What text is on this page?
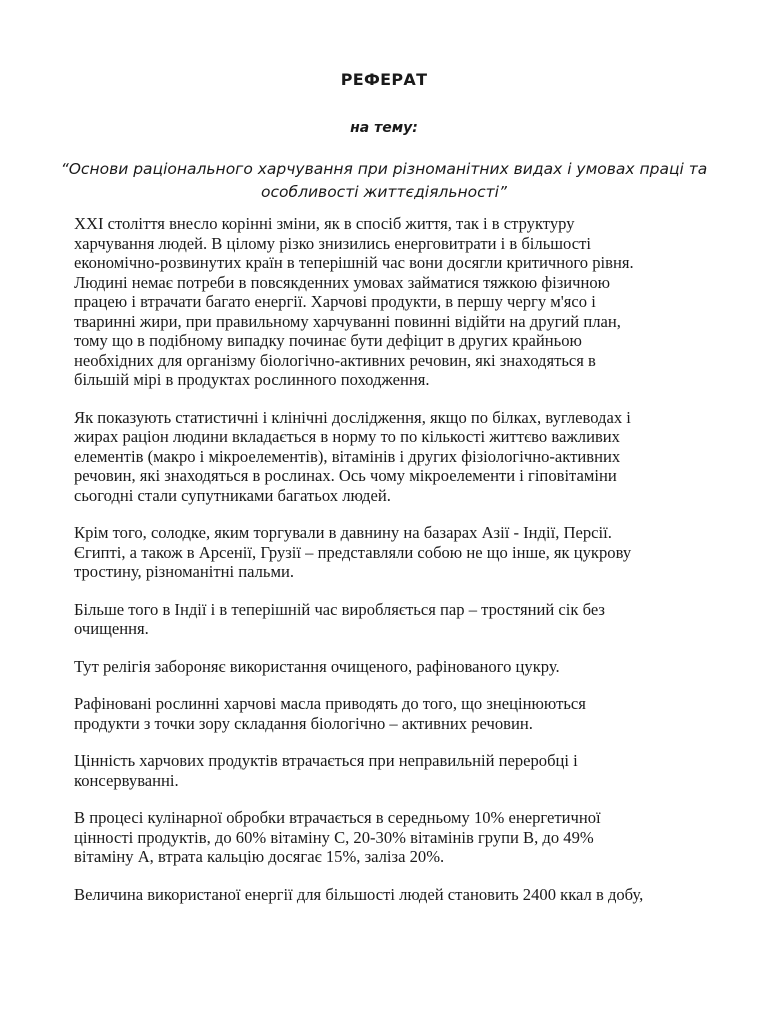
РЕФЕРАТ
на тему:
“Основи раціонального харчування при різноманітних видах і умовах праці та
особливості життєдіяльності”

XXI століття внесло корінні зміни, як в спосіб життя, так і в структуру
харчування людей. В цілому різко знизились енерговитрати і в більшості
економічно-розвинутих країн в теперішній час вони досягли критичного рівня.
Людині немає потреби в повсякденних умовах займатися тяжкою фізичною
працею і втрачати багато енергії. Харчові продукти, в першу чергу м'ясо і
тваринні жири, при правильному харчуванні повинні відійти на другий план,
тому що в подібному випадку починає бути дефіцит в других крайньою
необхідних для організму біологічно-активних речовин, які знаходяться в
більшій мірі в продуктах рослинного походження.

Як показують статистичні і клінічні дослідження, якщо по білках, вуглеводах і
жирах раціон людини вкладається в норму то по кількості життєво важливих
елементів (макро і мікроелементів), вітамінів і других фізіологічно-активних
речовин, які знаходяться в рослинах. Ось чому мікроелементи і гіповітаміни
сьогодні стали супутниками багатьох людей.

Крім того, солодке, яким торгували в давнину на базарах Азії - Індії, Персії.
Єгипті, а також в Арсенії, Грузії – представляли собою не що інше, як цукрову
тростину, різноманітні пальми.

Більше того в Індії і в теперішній час виробляється пар – тростяний сік без
очищення.

Тут релігія забороняє використання очищеного, рафінованого цукру.

Рафіновані рослинні харчові масла приводять до того, що знецінюються
продукти з точки зору складання біологічно – активних речовин.

Цінність харчових продуктів втрачається при неправильній переробці і
консервуванні.

В процесі кулінарної обробки втрачається в середньому 10% енергетичної
цінності продуктів, до 60% вітаміну С, 20-30% вітамінів групи В, до 49%
вітаміну А, втрата кальцію досягає 15%, заліза 20%.

Величина використаної енергії для більшості людей становить 2400 ккал в добу,
